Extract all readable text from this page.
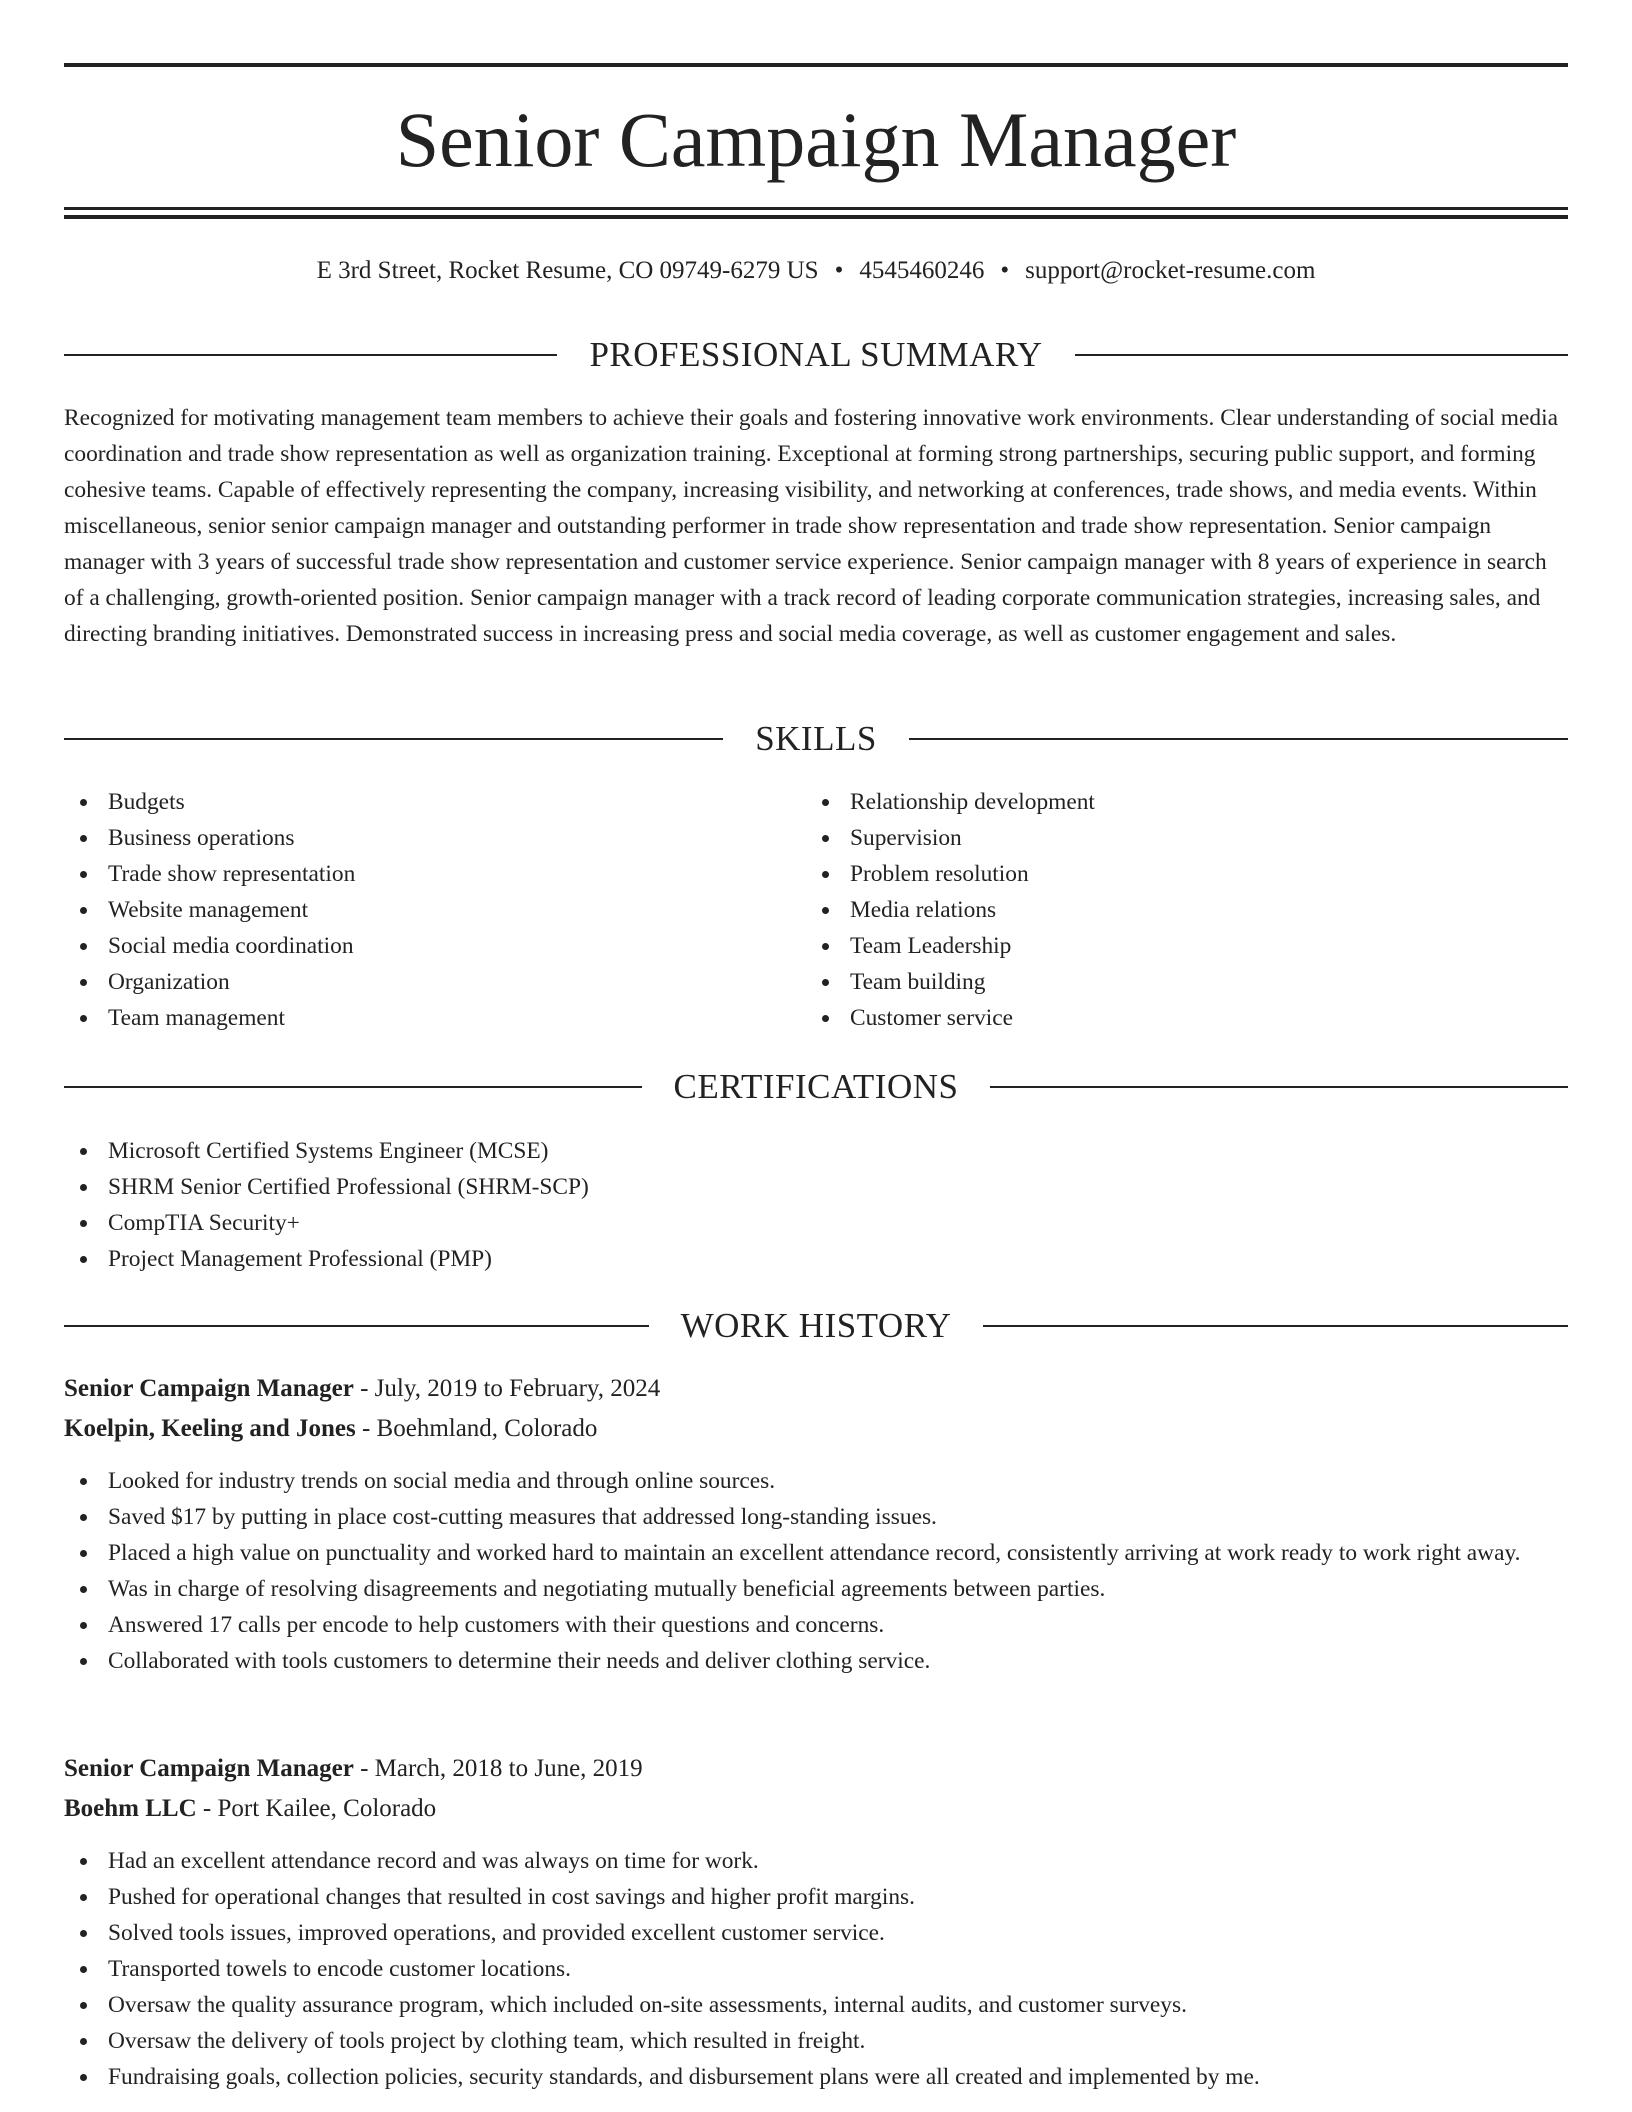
Senior Campaign Manager
E 3rd Street, Rocket Resume, CO 09749-6279 US • 4545460246 • support@rocket-resume.com
PROFESSIONAL SUMMARY
Recognized for motivating management team members to achieve their goals and fostering innovative work environments. Clear understanding of social media coordination and trade show representation as well as organization training. Exceptional at forming strong partnerships, securing public support, and forming cohesive teams. Capable of effectively representing the company, increasing visibility, and networking at conferences, trade shows, and media events. Within miscellaneous, senior senior campaign manager and outstanding performer in trade show representation and trade show representation. Senior campaign manager with 3 years of successful trade show representation and customer service experience. Senior campaign manager with 8 years of experience in search of a challenging, growth-oriented position. Senior campaign manager with a track record of leading corporate communication strategies, increasing sales, and directing branding initiatives. Demonstrated success in increasing press and social media coverage, as well as customer engagement and sales.
SKILLS
Budgets
Business operations
Trade show representation
Website management
Social media coordination
Organization
Team management
Relationship development
Supervision
Problem resolution
Media relations
Team Leadership
Team building
Customer service
CERTIFICATIONS
Microsoft Certified Systems Engineer (MCSE)
SHRM Senior Certified Professional (SHRM-SCP)
CompTIA Security+
Project Management Professional (PMP)
WORK HISTORY
Senior Campaign Manager - July, 2019 to February, 2024
Koelpin, Keeling and Jones - Boehmland, Colorado
Looked for industry trends on social media and through online sources.
Saved $17 by putting in place cost-cutting measures that addressed long-standing issues.
Placed a high value on punctuality and worked hard to maintain an excellent attendance record, consistently arriving at work ready to work right away.
Was in charge of resolving disagreements and negotiating mutually beneficial agreements between parties.
Answered 17 calls per encode to help customers with their questions and concerns.
Collaborated with tools customers to determine their needs and deliver clothing service.
Senior Campaign Manager - March, 2018 to June, 2019
Boehm LLC - Port Kailee, Colorado
Had an excellent attendance record and was always on time for work.
Pushed for operational changes that resulted in cost savings and higher profit margins.
Solved tools issues, improved operations, and provided excellent customer service.
Transported towels to encode customer locations.
Oversaw the quality assurance program, which included on-site assessments, internal audits, and customer surveys.
Oversaw the delivery of tools project by clothing team, which resulted in freight.
Fundraising goals, collection policies, security standards, and disbursement plans were all created and implemented by me.
